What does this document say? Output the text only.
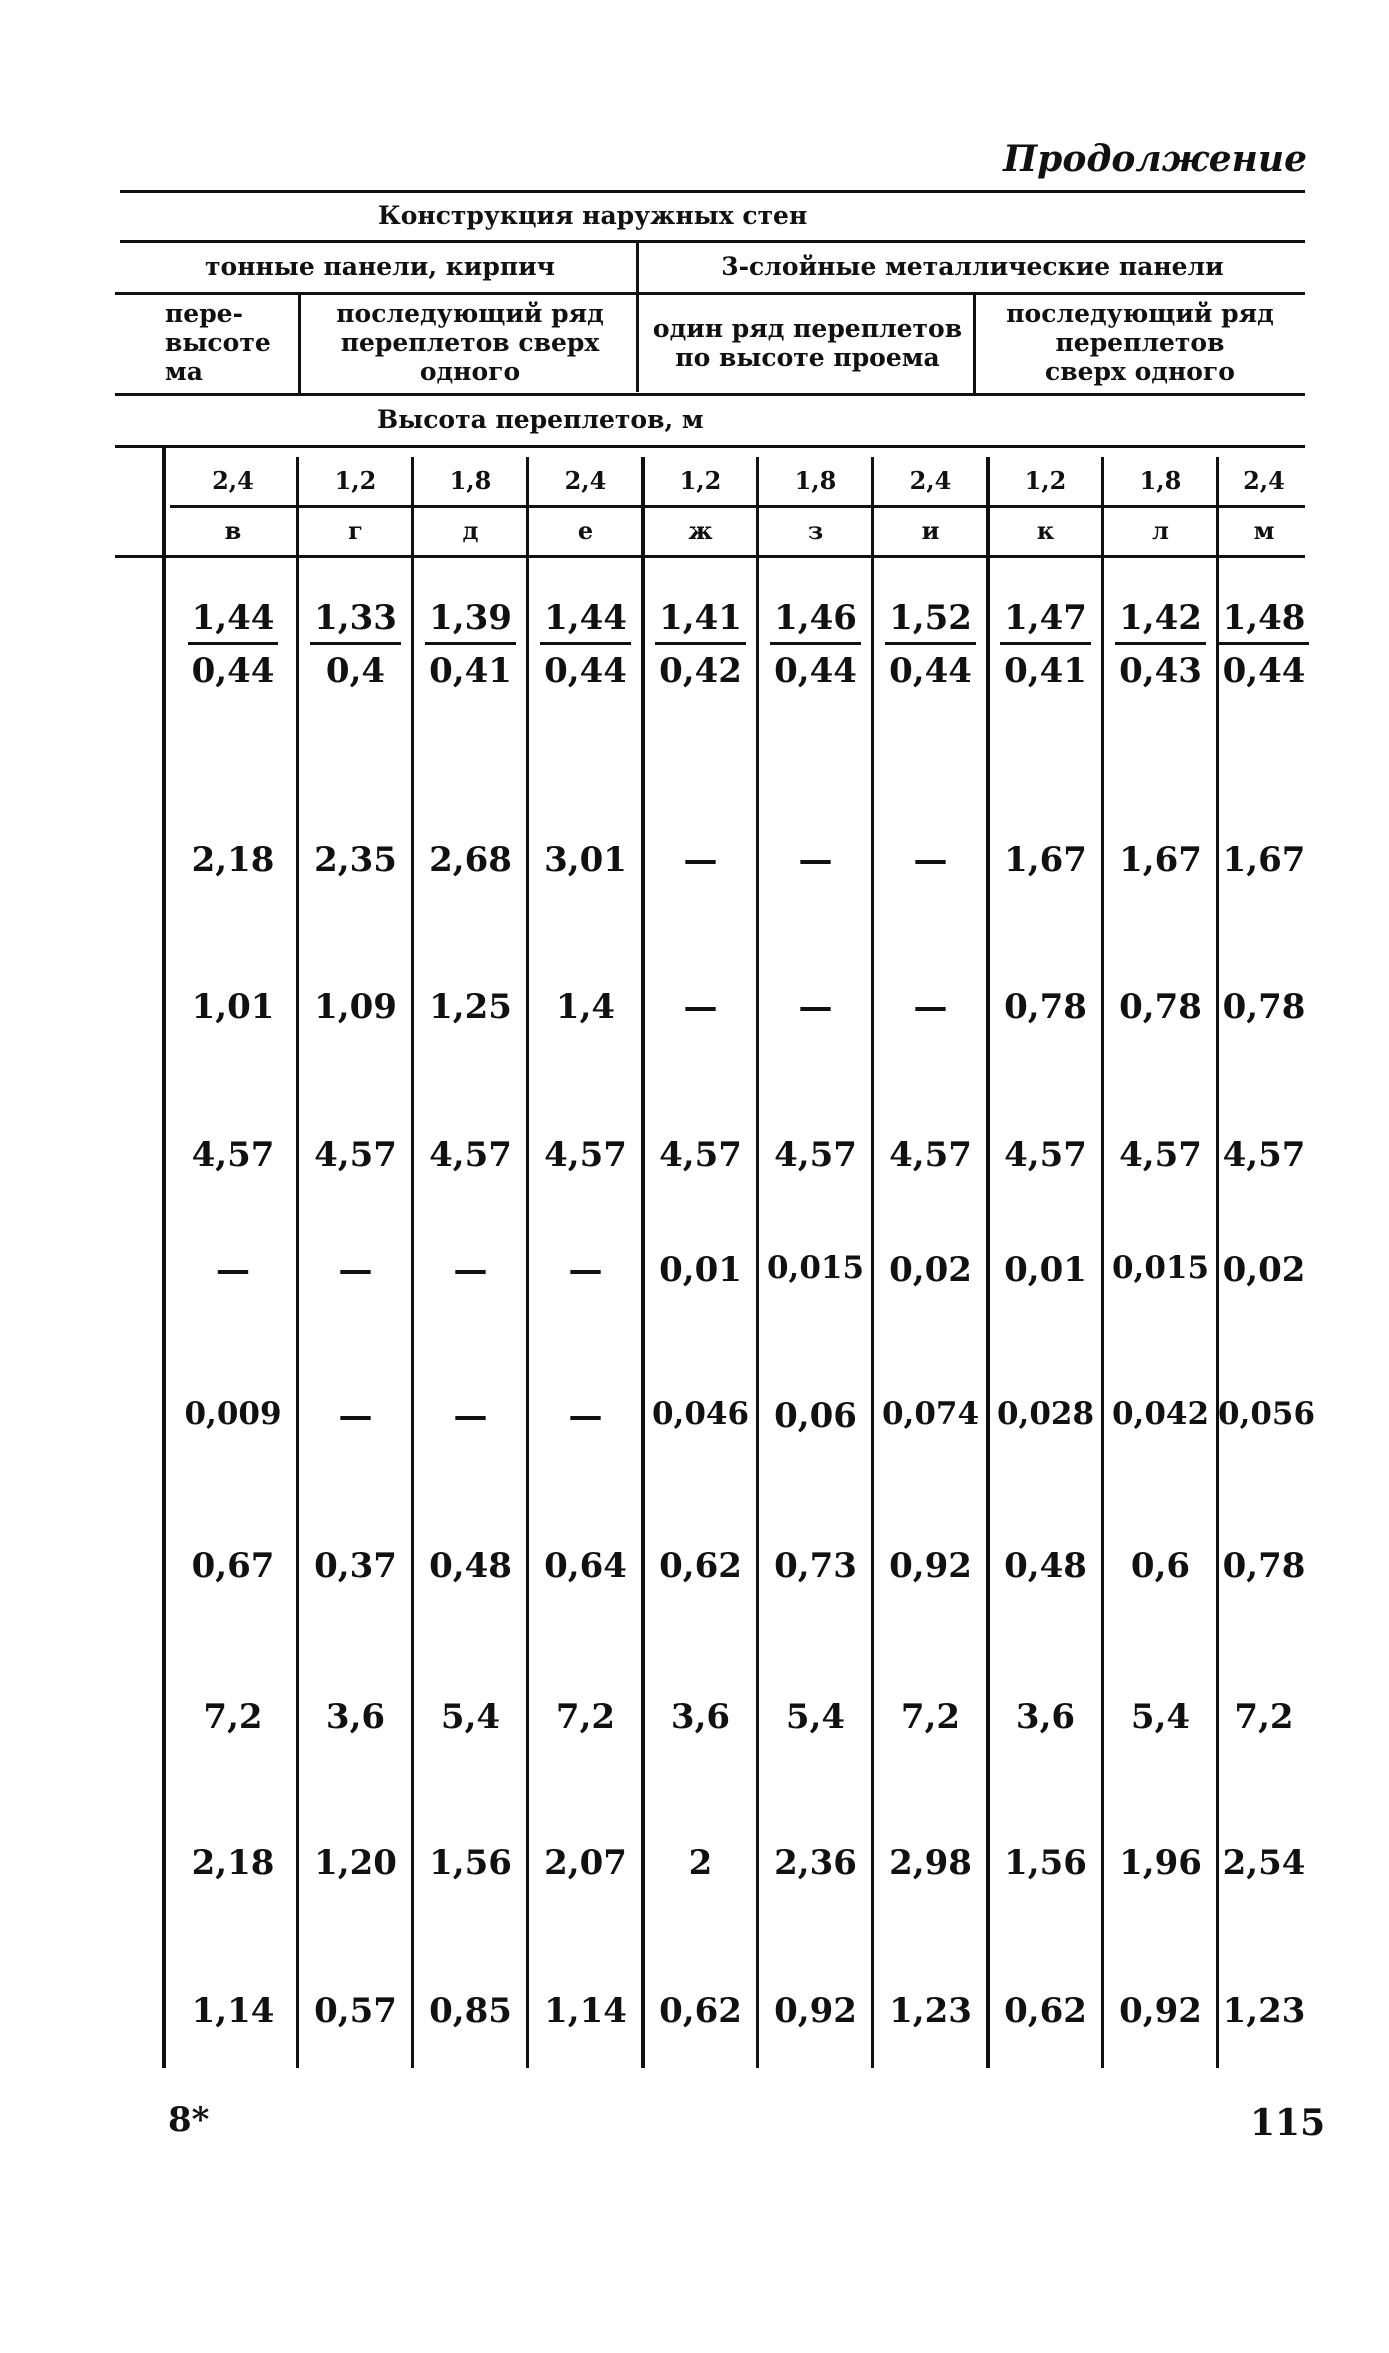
Продолжение
Конструкция наружных стен
тонные панели, кирпич	3-слойные металлические панели
пере-
высоте
ма
последующий ряд
переплетов сверх
одного
один ряд переплетов
по высоте проема
последующий ряд
переплетов
сверх одного
Высота переплетов, м
2,4	1,2	1,8	2,4	1,2	1,8	2,4	1,2	1,8	2,4
в	г	д	е	ж	з	и	к	л	м
$\frac{1,44}{0,44} \frac{1,33}{0,4} \frac{1,39}{0,41} \frac{1,44}{0,44} \frac{1,41}{0,42} \frac{1,46}{0,44} \frac{1,52}{0,44} \frac{1,47}{0,41} \frac{1,42}{0,43} \frac{1,48}{0,44}$
2,18	2,35 2,68 3,01	—	—	—	1,67 1,67 1,67
1,01	1,09 1,25	1,4	—	—	—	0,78 0,78 0,78
4,57	4,57 4,57 4,57 4,57 4,57 4,57 4,57 4,57 4,57
—	—	—	—	0,01 0,015 0,02 0,01 0,015 0,02
0,009	—	—	—	0,046 0,06 0,074 0,028 0,042 0,056
0,67	0,37 0,48 0,64 0,62 0,73 0,92 0,48	0,6 0,78
7,2	3,6	5,4	7,2	3,6	5,4	7,2	3,6	5,4	7,2
2,18	1,20 1,56 2,07	2	2,36 2,98 1,56 1,96 2,54
1,14	0,57 0,85 1,14 0,62 0,92 1,23 0,62 0,92 1,23
8*	115
